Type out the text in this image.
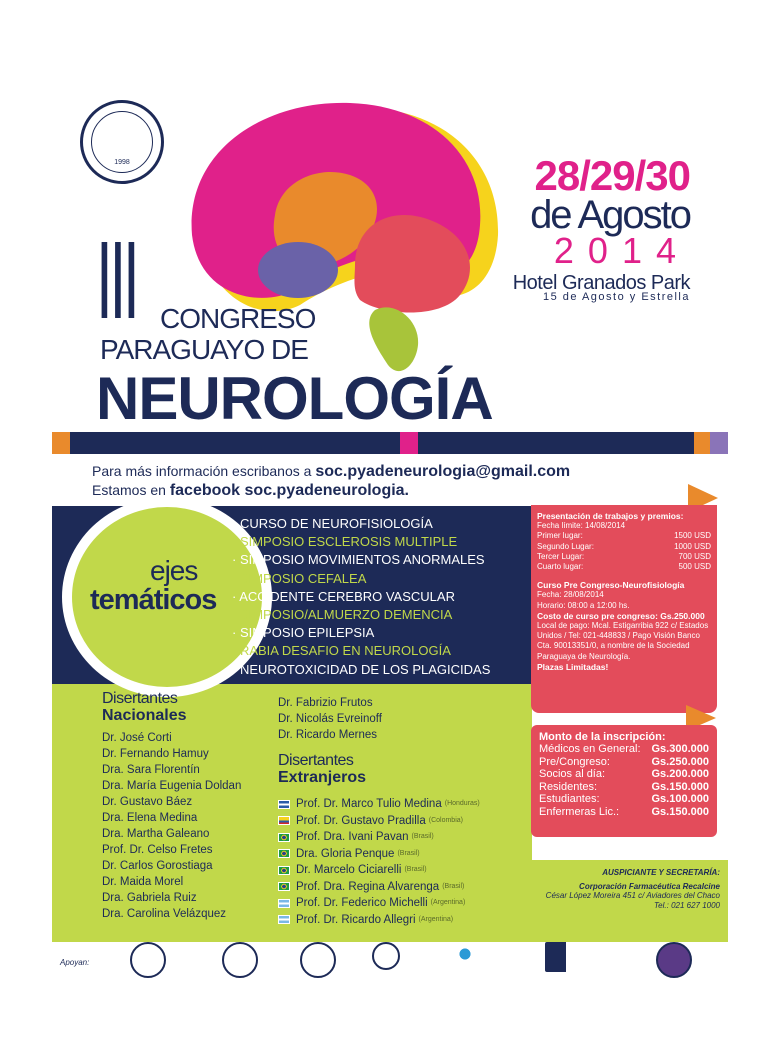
1998	28/29/30
de Agosto
2014
Hotel Granados Park
15 de Agosto y Estrella
III CONGRESO
PARAGUAYO DE
NEUROLOGÍA
Para más información escribanos a soc.pyadeneurologia@gmail.com
Estamos en facebook soc.pyadeneurologia.
ejes
temáticos
· CURSO DE NEUROFISIOLOGÍA
· SIMPOSIO ESCLEROSIS MULTIPLE
· SIMPOSIO MOVIMIENTOS ANORMALES
· SIMPOSIO CEFALEA
· ACCIDENTE CEREBRO VASCULAR
· SIMPOSIO/ALMUERZO DEMENCIA
· SIMPOSIO EPILEPSIA
· RABIA DESAFIO EN NEUROLOGÍA
· NEUROTOXICIDAD DE LOS PLAGICIDAS
Presentación de trabajos y premios:
Fecha límite: 14/08/2014
Primer lugar:	1500 USD
Segundo Lugar:	1000 USD
Tercer Lugar:	700 USD
Cuarto lugar:	500 USD
Curso Pre Congreso-Neurofisiología
Fecha: 28/08/2014
Horario: 08:00 a 12:00 hs.
Costo de curso pre congreso: Gs.250.000
Local de pago: Mcal. Estigarribia 922 c/ Estados Unidos / Tel: 021-448833 / Pago Visión Banco Cta. 90013351/0, a nombre de la Sociedad Paraguaya de Neurología.
Plazas Limitadas!
Monto de la inscripción:
Médicos en General: Gs.300.000
Pre/Congreso:	Gs.250.000
Socios al día:	Gs.200.000
Residentes:	Gs.150.000
Estudiantes:	Gs.100.000
Enfermeras Lic.:	Gs.150.000
Disertantes
Nacionales
Dr. José Corti
Dr. Fernando Hamuy
Dra. Sara Florentín
Dra. María Eugenia Doldan
Dr. Gustavo Báez
Dra. Elena Medina
Dra. Martha Galeano
Prof. Dr. Celso Fretes
Dr. Carlos Gorostiaga
Dr. Maida Morel
Dra. Gabriela Ruiz
Dra. Carolina Velázquez
Dr. Fabrizio Frutos
Dr. Nicolás Evreinoff
Dr. Ricardo Mernes
Disertantes
Extranjeros
Prof. Dr. Marco Tulio Medina (Honduras)
Prof. Dr. Gustavo Pradilla (Colombia)
Prof. Dra. Ivani Pavan (Brasil)
Dra. Gloria Penque (Brasil)
Dr. Marcelo Ciciarelli (Brasil)
Prof. Dra. Regina Alvarenga (Brasil)
Prof. Dr. Federico Michelli (Argentina)
Prof. Dr. Ricardo Allegri (Argentina)
AUSPICIANTE Y SECRETARÍA:
Corporación Farmacéutica Recalcine
César López Moreira 451 c/ Aviadores del Chaco
Tel.: 021 627 1000
Apoyan:
